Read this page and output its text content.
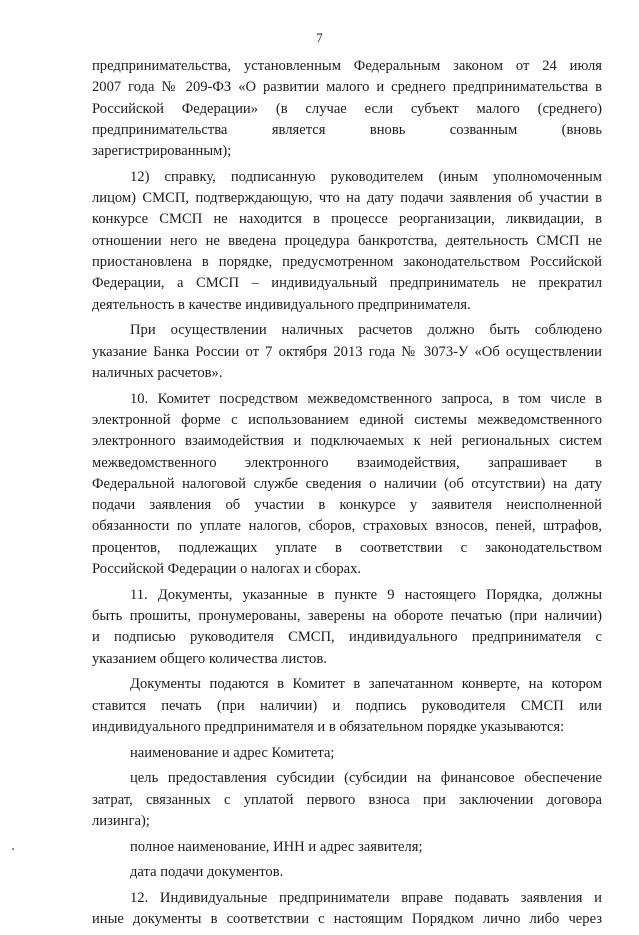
7
предпринимательства, установленным Федеральным законом от 24 июля
2007 года № 209-ФЗ «О развитии малого и среднего предпринимательства в
Российской Федерации» (в случае если субъект малого (среднего)
предпринимательства является вновь созванным (вновь
зарегистрированным);
12) справку, подписанную руководителем (иным уполномоченным
лицом) СМСП, подтверждающую, что на дату подачи заявления об участии в
конкурсе СМСП не находится в процессе реорганизации, ликвидации, в
отношении него не введена процедура банкротства, деятельность СМСП не
приостановлена в порядке, предусмотренном законодательством Российской
Федерации, а СМСП – индивидуальный предприниматель не прекратил
деятельность в качестве индивидуального предпринимателя.
При осуществлении наличных расчетов должно быть соблюдено
указание Банка России от 7 октября 2013 года № 3073-У «Об осуществлении
наличных расчетов».
10. Комитет посредством межведомственного запроса, в том числе в
электронной форме с использованием единой системы межведомственного
электронного взаимодействия и подключаемых к ней региональных систем
межведомственного электронного взаимодействия, запрашивает в
Федеральной налоговой службе сведения о наличии (об отсутствии) на дату
подачи заявления об участии в конкурсе у заявителя неисполненной
обязанности по уплате налогов, сборов, страховых взносов, пеней, штрафов,
процентов, подлежащих уплате в соответствии с законодательством
Российской Федерации о налогах и сборах.
11. Документы, указанные в пункте 9 настоящего Порядка, должны
быть прошиты, пронумерованы, заверены на обороте печатью (при наличии)
и подписью руководителя СМСП, индивидуального предпринимателя с
указанием общего количества листов.
Документы подаются в Комитет в запечатанном конверте, на котором
ставится печать (при наличии) и подпись руководителя СМСП или
индивидуального предпринимателя и в обязательном порядке указываются:
наименование и адрес Комитета;
цель предоставления субсидии (субсидии на финансовое обеспечение
затрат, связанных с уплатой первого взноса при заключении договора
лизинга);
полное наименование, ИНН и адрес заявителя;
дата подачи документов.
12. Индивидуальные предприниматели вправе подавать заявления и
иные документы в соответствии с настоящим Порядком лично либо через
